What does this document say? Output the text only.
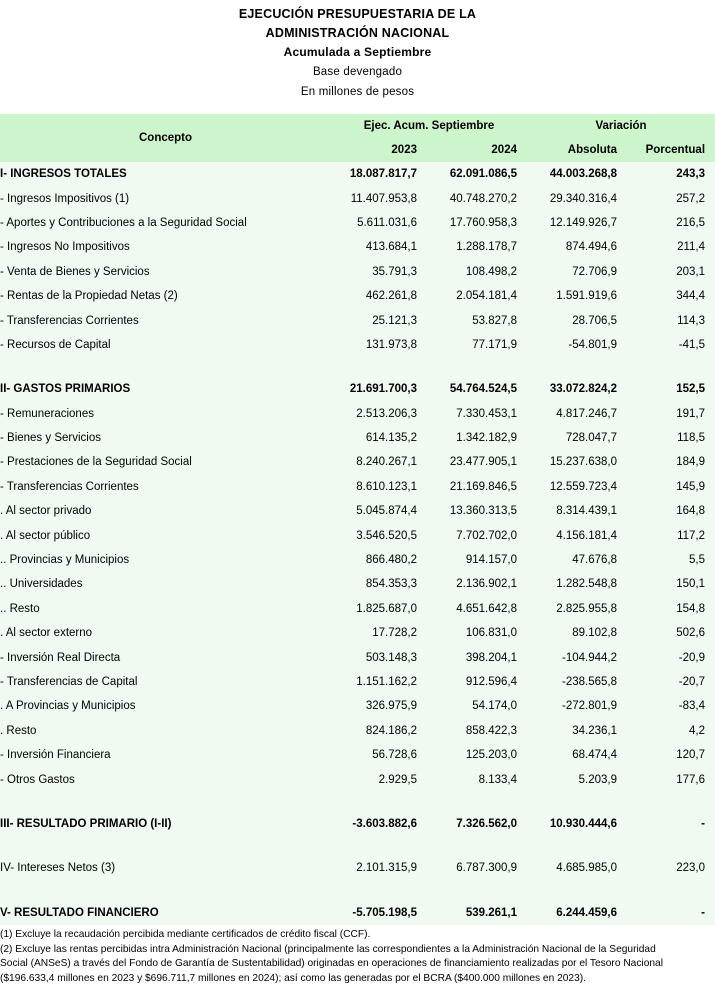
EJECUCIÓN PRESUPUESTARIA DE LA
ADMINISTRACIÓN NACIONAL
Acumulada a Septiembre
Base devengado
En millones de pesos
Concepto	Ejec. Acum. Septiembre		Variación	
	2023	2024	Absoluta	Porcentual
I- INGRESOS TOTALES	18.087.817,7	62.091.086,5	44.003.268,8	243,3
- Ingresos Impositivos (1)	11.407.953,8	40.748.270,2	29.340.316,4	257,2
- Aportes y Contribuciones a la Seguridad Social	5.611.031,6	17.760.958,3	12.149.926,7	216,5
- Ingresos No Impositivos	413.684,1	1.288.178,7	874.494,6	211,4
- Venta de Bienes y Servicios	35.791,3	108.498,2	72.706,9	203,1
- Rentas de la Propiedad Netas (2)	462.261,8	2.054.181,4	1.591.919,6	344,4
- Transferencias Corrientes	25.121,3	53.827,8	28.706,5	114,3
- Recursos de Capital	131.973,8	77.171,9	-54.801,9	-41,5

II- GASTOS PRIMARIOS	21.691.700,3	54.764.524,5	33.072.824,2	152,5
- Remuneraciones	2.513.206,3	7.330.453,1	4.817.246,7	191,7
- Bienes y Servicios	614.135,2	1.342.182,9	728.047,7	118,5
- Prestaciones de la Seguridad Social	8.240.267,1	23.477.905,1	15.237.638,0	184,9
- Transferencias Corrientes	8.610.123,1	21.169.846,5	12.559.723,4	145,9
. Al sector privado	5.045.874,4	13.360.313,5	8.314.439,1	164,8
. Al sector público	3.546.520,5	7.702.702,0	4.156.181,4	117,2
.. Provincias y Municipios	866.480,2	914.157,0	47.676,8	5,5
.. Universidades	854.353,3	2.136.902,1	1.282.548,8	150,1
.. Resto	1.825.687,0	4.651.642,8	2.825.955,8	154,8
. Al sector externo	17.728,2	106.831,0	89.102,8	502,6
- Inversión Real Directa	503.148,3	398.204,1	-104.944,2	-20,9
- Transferencias de Capital	1.151.162,2	912.596,4	-238.565,8	-20,7
. A Provincias y Municipios	326.975,9	54.174,0	-272.801,9	-83,4
. Resto	824.186,2	858.422,3	34.236,1	4,2
- Inversión Financiera	56.728,6	125.203,0	68.474,4	120,7
- Otros Gastos	2.929,5	8.133,4	5.203,9	177,6

III- RESULTADO PRIMARIO (I-II)	-3.603.882,6	7.326.562,0	10.930.444,6	-

IV- Intereses Netos (3)	2.101.315,9	6.787.300,9	4.685.985,0	223,0

V- RESULTADO FINANCIERO	-5.705.198,5	539.261,1	6.244.459,6	-
(1) Excluye la recaudación percibida mediante certificados de crédito fiscal (CCF).
(2) Excluye las rentas percibidas intra Administración Nacional (principalmente las correspondientes a la Administración Nacional de la Seguridad
Social (ANSeS) a través del Fondo de Garantía de Sustentabilidad) originadas en operaciones de financiamiento realizadas por el Tesoro Nacional
($196.633,4 millones en 2023 y $696.711,7 millones en 2024); así como las generadas por el BCRA ($400.000 millones en 2023).
